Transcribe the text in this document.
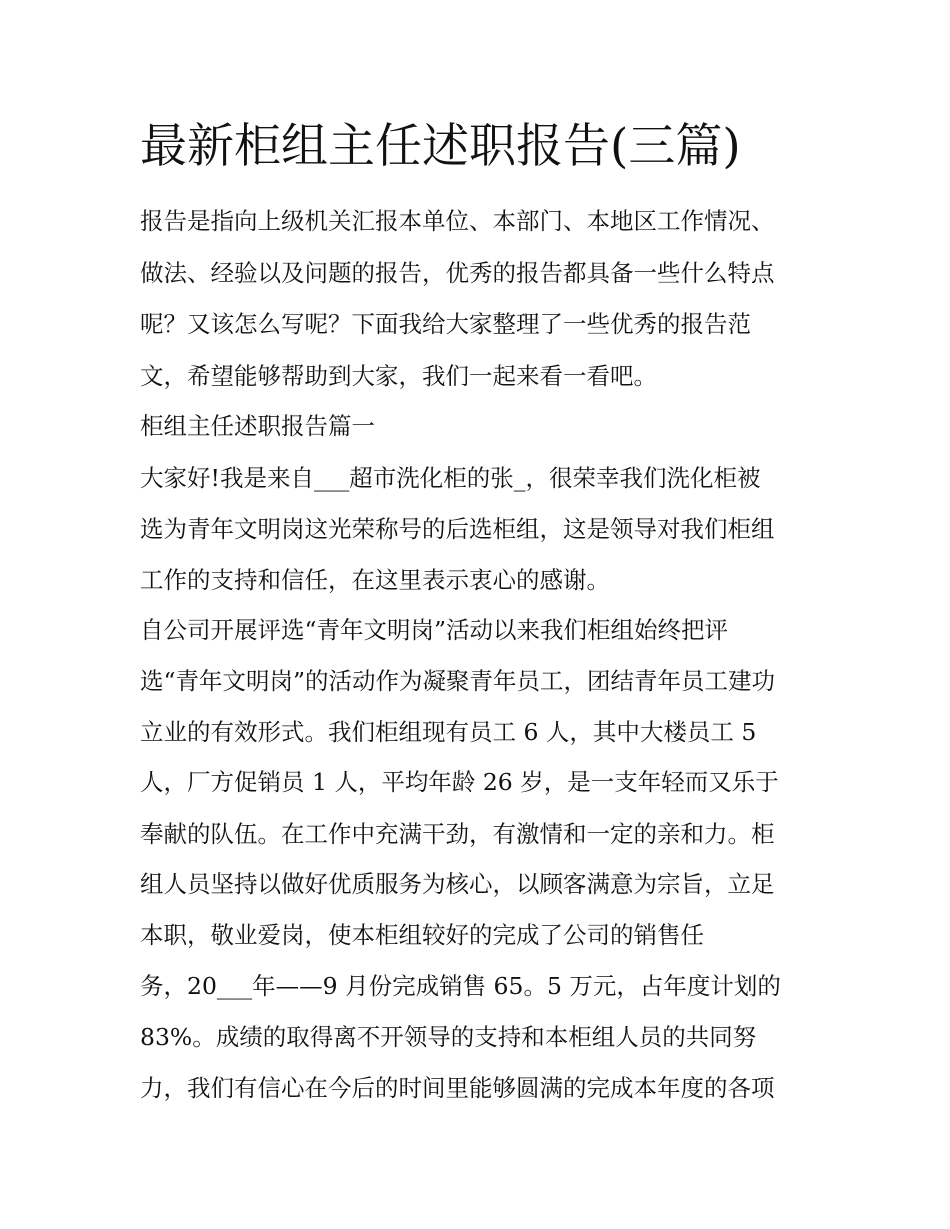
最新柜组主任述职报告(三篇)
报告是指向上级机关汇报本单位、本部门、本地区工作情况、
做法、经验以及问题的报告，优秀的报告都具备一些什么特点
呢？又该怎么写呢？下面我给大家整理了一些优秀的报告范
文，希望能够帮助到大家，我们一起来看一看吧。
柜组主任述职报告篇一
大家好!我是来自___超市洗化柜的张_，很荣幸我们洗化柜被
选为青年文明岗这光荣称号的后选柜组，这是领导对我们柜组
工作的支持和信任，在这里表示衷心的感谢。
自公司开展评选“青年文明岗”活动以来我们柜组始终把评
选“青年文明岗”的活动作为凝聚青年员工，团结青年员工建功
立业的有效形式。我们柜组现有员工 6 人，其中大楼员工 5
人，厂方促销员 1 人，平均年龄 26 岁，是一支年轻而又乐于
奉献的队伍。在工作中充满干劲，有激情和一定的亲和力。柜
组人员坚持以做好优质服务为核心，以顾客满意为宗旨，立足
本职，敬业爱岗，使本柜组较好的完成了公司的销售任
务，20___年——9 月份完成销售 65。5 万元，占年度计划的
83%。成绩的取得离不开领导的支持和本柜组人员的共同努
力，我们有信心在今后的时间里能够圆满的完成本年度的各项
